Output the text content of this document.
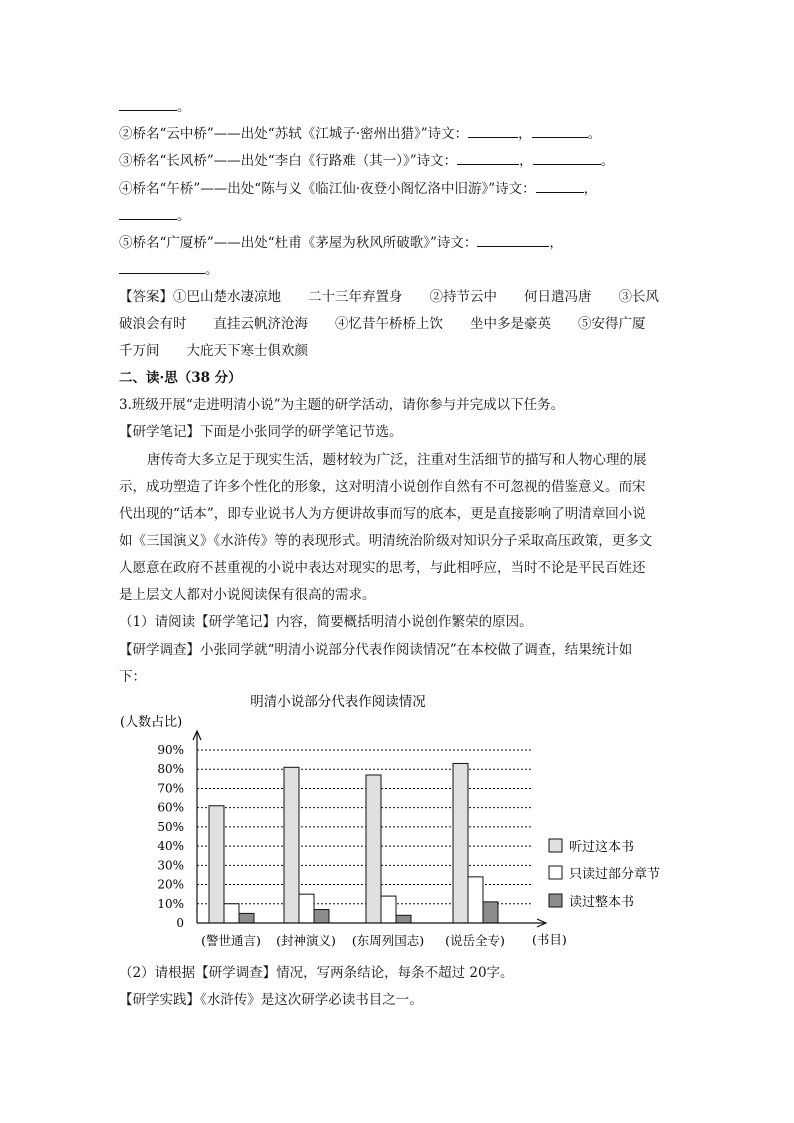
。
②桥名“云中桥”——出处“苏轼《江城子·密州出猎》”诗文：	，	。
③桥名“长风桥”——出处“李白《行路难（其一）》”诗文：	，	。
④桥名“午桥”——出处“陈与义《临江仙·夜登小阁忆洛中旧游》”诗文：	，
。
⑤桥名“广厦桥”——出处“杜甫《茅屋为秋风所破歌》”诗文：	，
。
【答案】①巴山楚水凄凉地　　二十三年弃置身　　②持节云中　　何日遣冯唐　　③长风
破浪会有时　　直挂云帆济沧海　　④忆昔午桥桥上饮　　坐中多是豪英　　⑤安得广厦
千万间　　大庇天下寒士俱欢颜
二、读·思（38 分）
3.班级开展“走进明清小说”为主题的研学活动，请你参与并完成以下任务。
【研学笔记】下面是小张同学的研学笔记节选。
唐传奇大多立足于现实生活，题材较为广泛，注重对生活细节的描写和人物心理的展
示，成功塑造了许多个性化的形象，这对明清小说创作自然有不可忽视的借鉴意义。而宋
代出现的“话本”，即专业说书人为方便讲故事而写的底本，更是直接影响了明清章回小说
如《三国演义》《水浒传》等的表现形式。明清统治阶级对知识分子采取高压政策，更多文
人愿意在政府不甚重视的小说中表达对现实的思考，与此相呼应，当时不论是平民百姓还
是上层文人都对小说阅读保有很高的需求。
（1）请阅读【研学笔记】内容，简要概括明清小说创作繁荣的原因。
【研学调查】小张同学就“明清小说部分代表作阅读情况”在本校做了调查，结果统计如
下：
明清小说部分代表作阅读情况
(人数占比)
(书目)
0
10%
20%
30%
40%
50%
60%
70%
80%
90%
(警世通言) (封神演义) (东周列国志) (说岳全专)
听过这本书
只读过部分章节
读过整本书
（2）请根据【研学调查】情况，写两条结论，每条不超过 20字。
【研学实践】《水浒传》是这次研学必读书目之一。
